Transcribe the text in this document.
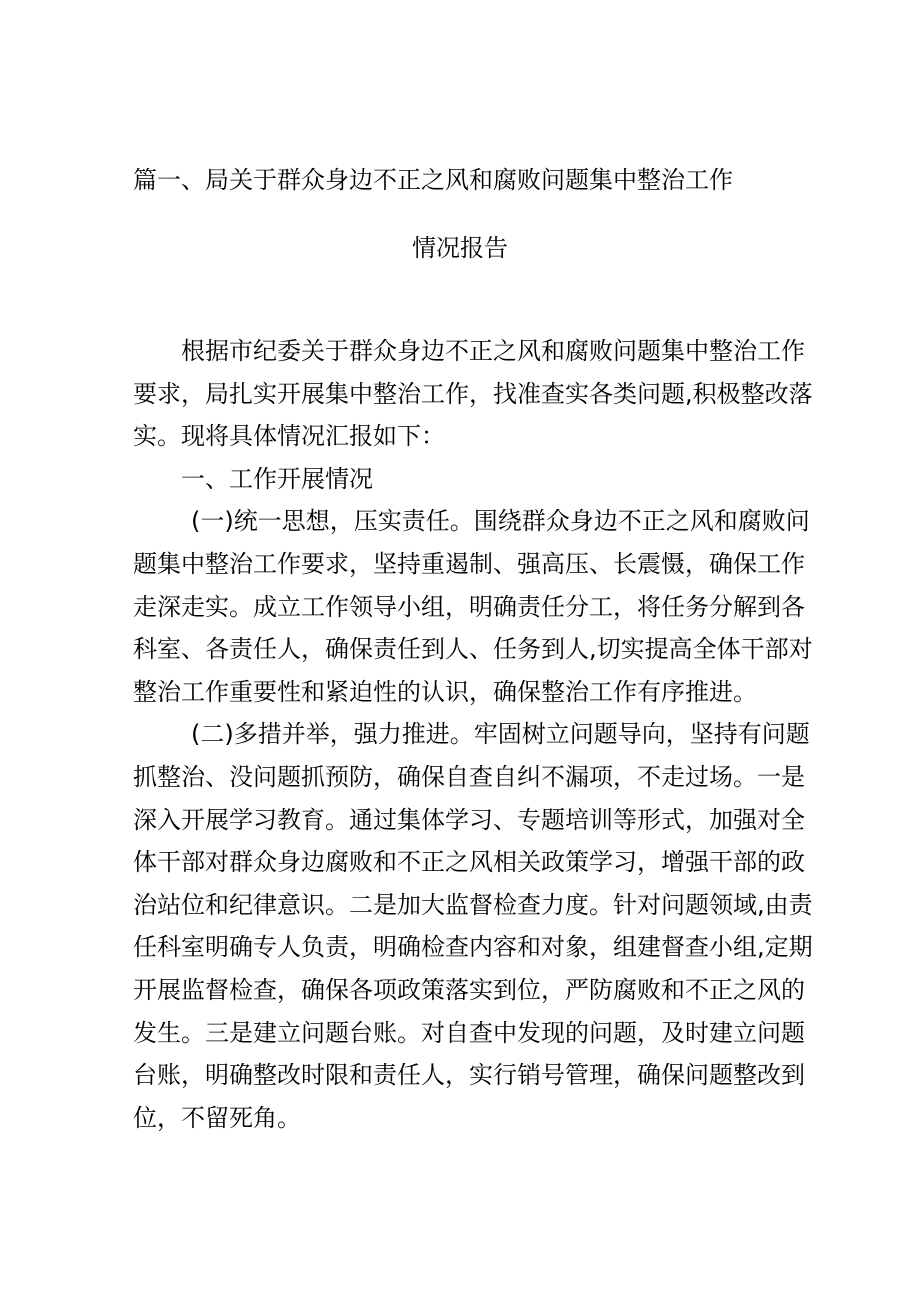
篇一、局关于群众身边不正之风和腐败问题集中整治工作
情况报告
根据市纪委关于群众身边不正之风和腐败问题集中整治工作
要求，局扎实开展集中整治工作，找准查实各类问题,积极整改落
实。现将具体情况汇报如下：
一、工作开展情况
(一)统一思想，压实责任。围绕群众身边不正之风和腐败问
题集中整治工作要求，坚持重遏制、强高压、长震慑，确保工作
走深走实。成立工作领导小组，明确责任分工，将任务分解到各
科室、各责任人，确保责任到人、任务到人,切实提高全体干部对
整治工作重要性和紧迫性的认识，确保整治工作有序推进。
(二)多措并举，强力推进。牢固树立问题导向，坚持有问题
抓整治、没问题抓预防，确保自查自纠不漏项，不走过场。一是
深入开展学习教育。通过集体学习、专题培训等形式，加强对全
体干部对群众身边腐败和不正之风相关政策学习，增强干部的政
治站位和纪律意识。二是加大监督检查力度。针对问题领域,由责
任科室明确专人负责，明确检查内容和对象，组建督查小组,定期
开展监督检查，确保各项政策落实到位，严防腐败和不正之风的
发生。三是建立问题台账。对自查中发现的问题，及时建立问题
台账，明确整改时限和责任人，实行销号管理，确保问题整改到
位，不留死角。
